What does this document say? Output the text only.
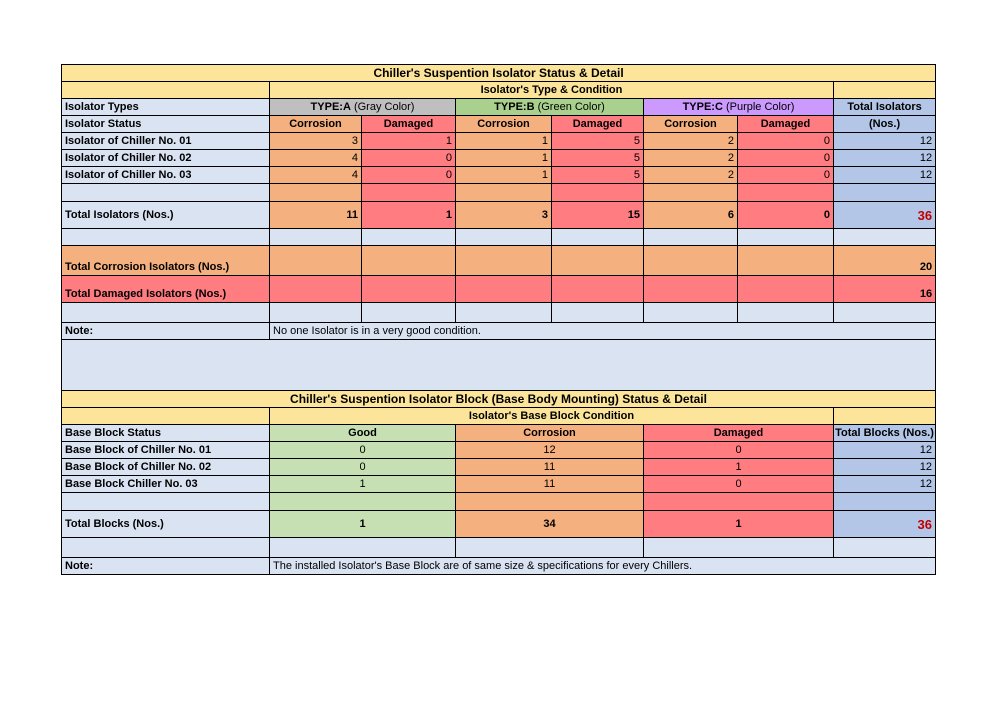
Chiller's Suspention Isolator Status & Detail							
	Isolator's Type & Condition						
Isolator Types	TYPE:A (Gray Color)		TYPE:B (Green Color)		TYPE:C (Purple Color)		Total Isolators
Isolator Status	Corrosion	Damaged	Corrosion	Damaged	Corrosion	Damaged	(Nos.)
Isolator of Chiller No. 01	3	1	1	5	2	0	12
Isolator of Chiller No. 02	4	0	1	5	2	0	12
Isolator of Chiller No. 03	4	0	1	5	2	0	12

Total Isolators (Nos.)	11	1	3	15	6	0	36

Total Corrosion Isolators (Nos.)							20
Total Damaged Isolators (Nos.)							16

Note:	No one Isolator is in a very good condition.						

Chiller's Suspention Isolator Block (Base Body Mounting) Status & Detail				
	Isolator's Base Block Condition			
Base Block Status	Good	Corrosion	Damaged	Total Blocks (Nos.)
Base Block of Chiller No. 01	0	12	0	12
Base Block of Chiller No. 02	0	11	1	12
Base Block Chiller No. 03	1	11	0	12

Total Blocks (Nos.)	1	34	1	36

Note:	The installed Isolator's Base Block are of same size & specifications for every Chillers.			
